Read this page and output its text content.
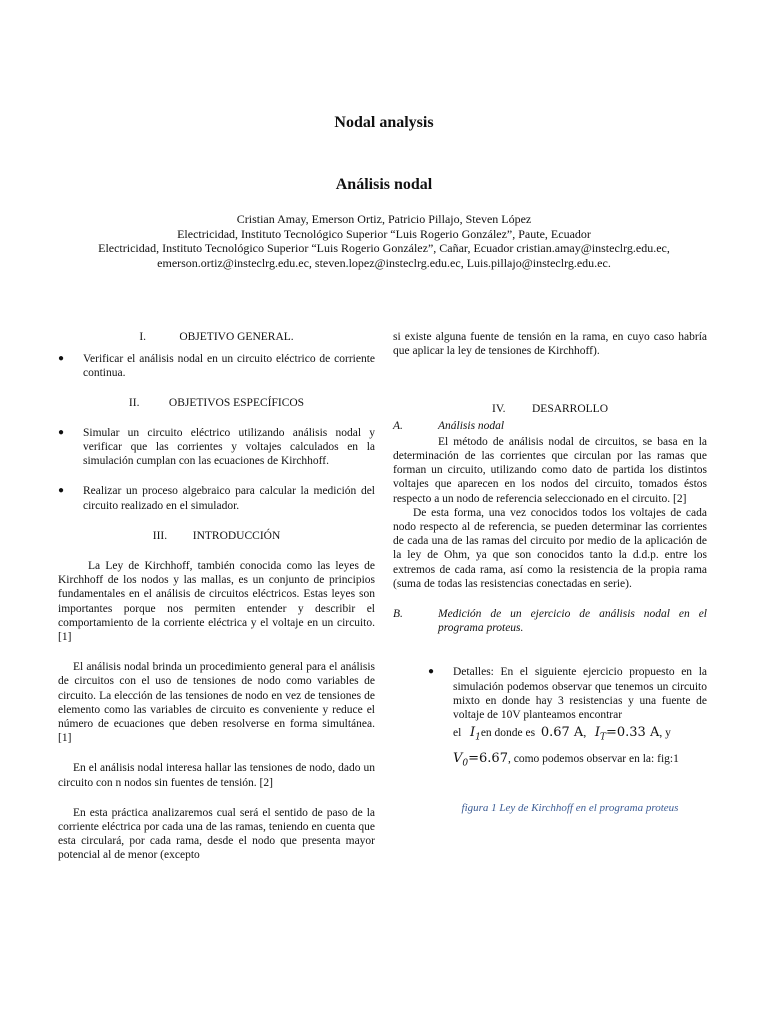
Nodal analysis
Análisis nodal
Cristian Amay, Emerson Ortiz, Patricio Pillajo, Steven López
Electricidad, Instituto Tecnológico Superior “Luis Rogerio González”, Paute, Ecuador
Electricidad, Instituto Tecnológico Superior “Luis Rogerio González”, Cañar, Ecuador cristian.amay@insteclrg.edu.ec,
emerson.ortiz@insteclrg.edu.ec, steven.lopez@insteclrg.edu.ec, Luis.pillajo@insteclrg.edu.ec.
I.	OBJETIVO GENERAL.
●	Verificar el análisis nodal en un circuito eléctrico de corriente continua.
II.	OBJETIVOS ESPECÍFICOS
●	Simular un circuito eléctrico utilizando análisis nodal y verificar que las corrientes y voltajes calculados en la simulación cumplan con las ecuaciones de Kirchhoff.
●	Realizar un proceso algebraico para calcular la medición del circuito realizado en el simulador.
III. INTRODUCCIÓN

La Ley de Kirchhoff, también conocida como las leyes de Kirchhoff de los nodos y las mallas, es un conjunto de principios fundamentales en el análisis de circuitos eléctricos. Estas leyes son importantes porque nos permiten entender y describir el comportamiento de la corriente eléctrica y el voltaje en un circuito. [1]

El análisis nodal brinda un procedimiento general para el análisis de circuitos con el uso de tensiones de nodo como variables de circuito. La elección de las tensiones de nodo en vez de tensiones de elemento como las variables de circuito es conveniente y reduce el número de ecuaciones que deben resolverse en forma simultánea. [1]

En el análisis nodal interesa hallar las tensiones de nodo, dado un circuito con n nodos sin fuentes de tensión. [2]

En esta práctica analizaremos cual será el sentido de paso de la corriente eléctrica por cada una de las ramas, teniendo en cuenta que esta circulará, por cada rama, desde el nodo que presenta mayor potencial al de menor (excepto

si existe alguna fuente de tensión en la rama, en cuyo caso habría que aplicar la ley de tensiones de Kirchhoff).

IV. DESARROLLO
A.	Análisis nodal

El método de análisis nodal de circuitos, se basa en la determinación de las corrientes que circulan por las ramas que forman un circuito, utilizando como dato de partida los distintos voltajes que aparecen en los nodos del circuito, tomados éstos respecto a un nodo de referencia seleccionado en el circuito. [2]

De esta forma, una vez conocidos todos los voltajes de cada nodo respecto al de referencia, se pueden determinar las corrientes de cada una de las ramas del circuito por medio de la aplicación de la ley de Ohm, ya que son conocidos tanto la d.d.p. entre los extremos de cada rama, así como la resistencia de la propia rama (suma de todas las resistencias conectadas en serie).

B.	Medición de un ejercicio de análisis nodal en el programa proteus.
●	Detalles: En el siguiente ejercicio propuesto en la simulación podemos observar que tenemos un circuito mixto en donde hay 3 resistencias y una fuente de voltaje de 10V planteamos encontrar
el $I_1en$ donde es 0.67 A,   $I_T=0.33$ A, y
$V_0=6.67$, como podemos observar en la: fig:1
figura 1 Ley de Kirchhoff en el programa proteus
